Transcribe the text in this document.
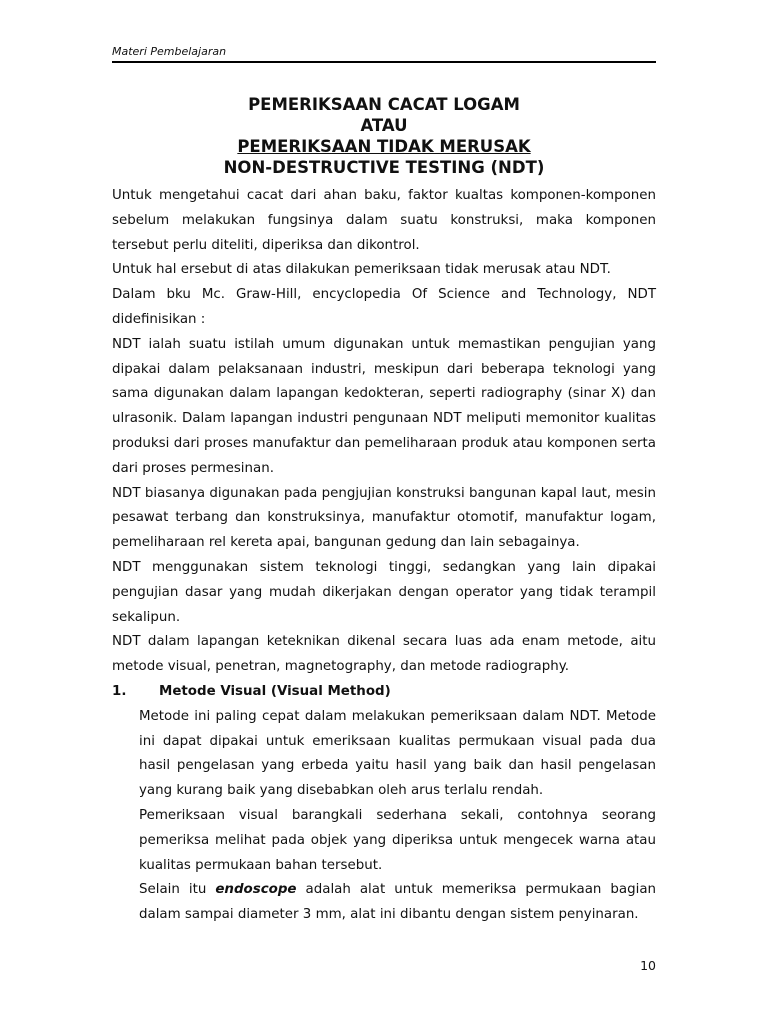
Materi Pembelajaran
PEMERIKSAAN CACAT LOGAM
ATAU
PEMERIKSAAN TIDAK MERUSAK
NON-DESTRUCTIVE TESTING (NDT)

Untuk mengetahui cacat dari ahan baku, faktor kualtas komponen-komponen sebelum melakukan fungsinya dalam suatu konstruksi, maka komponen tersebut perlu diteliti, diperiksa dan dikontrol.

Untuk hal ersebut di atas dilakukan pemeriksaan tidak merusak atau NDT.

Dalam bku Mc. Graw-Hill, encyclopedia Of Science and Technology, NDT didefinisikan :

NDT ialah suatu istilah umum digunakan untuk memastikan pengujian yang dipakai dalam pelaksanaan industri, meskipun dari beberapa teknologi yang sama digunakan dalam lapangan kedokteran, seperti radiography (sinar X) dan ulrasonik. Dalam lapangan industri pengunaan NDT meliputi memonitor kualitas produksi dari proses manufaktur dan pemeliharaan produk atau komponen serta dari proses permesinan.

NDT biasanya digunakan pada pengjujian konstruksi bangunan kapal laut, mesin pesawat terbang dan konstruksinya, manufaktur otomotif, manufaktur logam, pemeliharaan rel kereta apai, bangunan gedung dan lain sebagainya.

NDT menggunakan sistem teknologi tinggi, sedangkan yang lain dipakai pengujian dasar yang mudah dikerjakan dengan operator yang tidak terampil sekalipun.

NDT dalam lapangan keteknikan dikenal secara luas ada enam metode, aitu metode visual, penetran, magnetography, dan metode radiography.

1.	Metode Visual (Visual Method)

Metode ini paling cepat dalam melakukan pemeriksaan dalam NDT. Metode ini dapat dipakai untuk emeriksaan kualitas permukaan visual pada dua hasil pengelasan yang erbeda yaitu hasil yang baik dan hasil pengelasan yang kurang baik yang disebabkan oleh arus terlalu rendah.

Pemeriksaan visual barangkali sederhana sekali, contohnya seorang pemeriksa melihat pada objek yang diperiksa untuk mengecek warna atau kualitas permukaan bahan tersebut.

Selain itu endoscope adalah alat untuk memeriksa permukaan bagian dalam sampai diameter 3 mm, alat ini dibantu dengan sistem penyinaran.

10
